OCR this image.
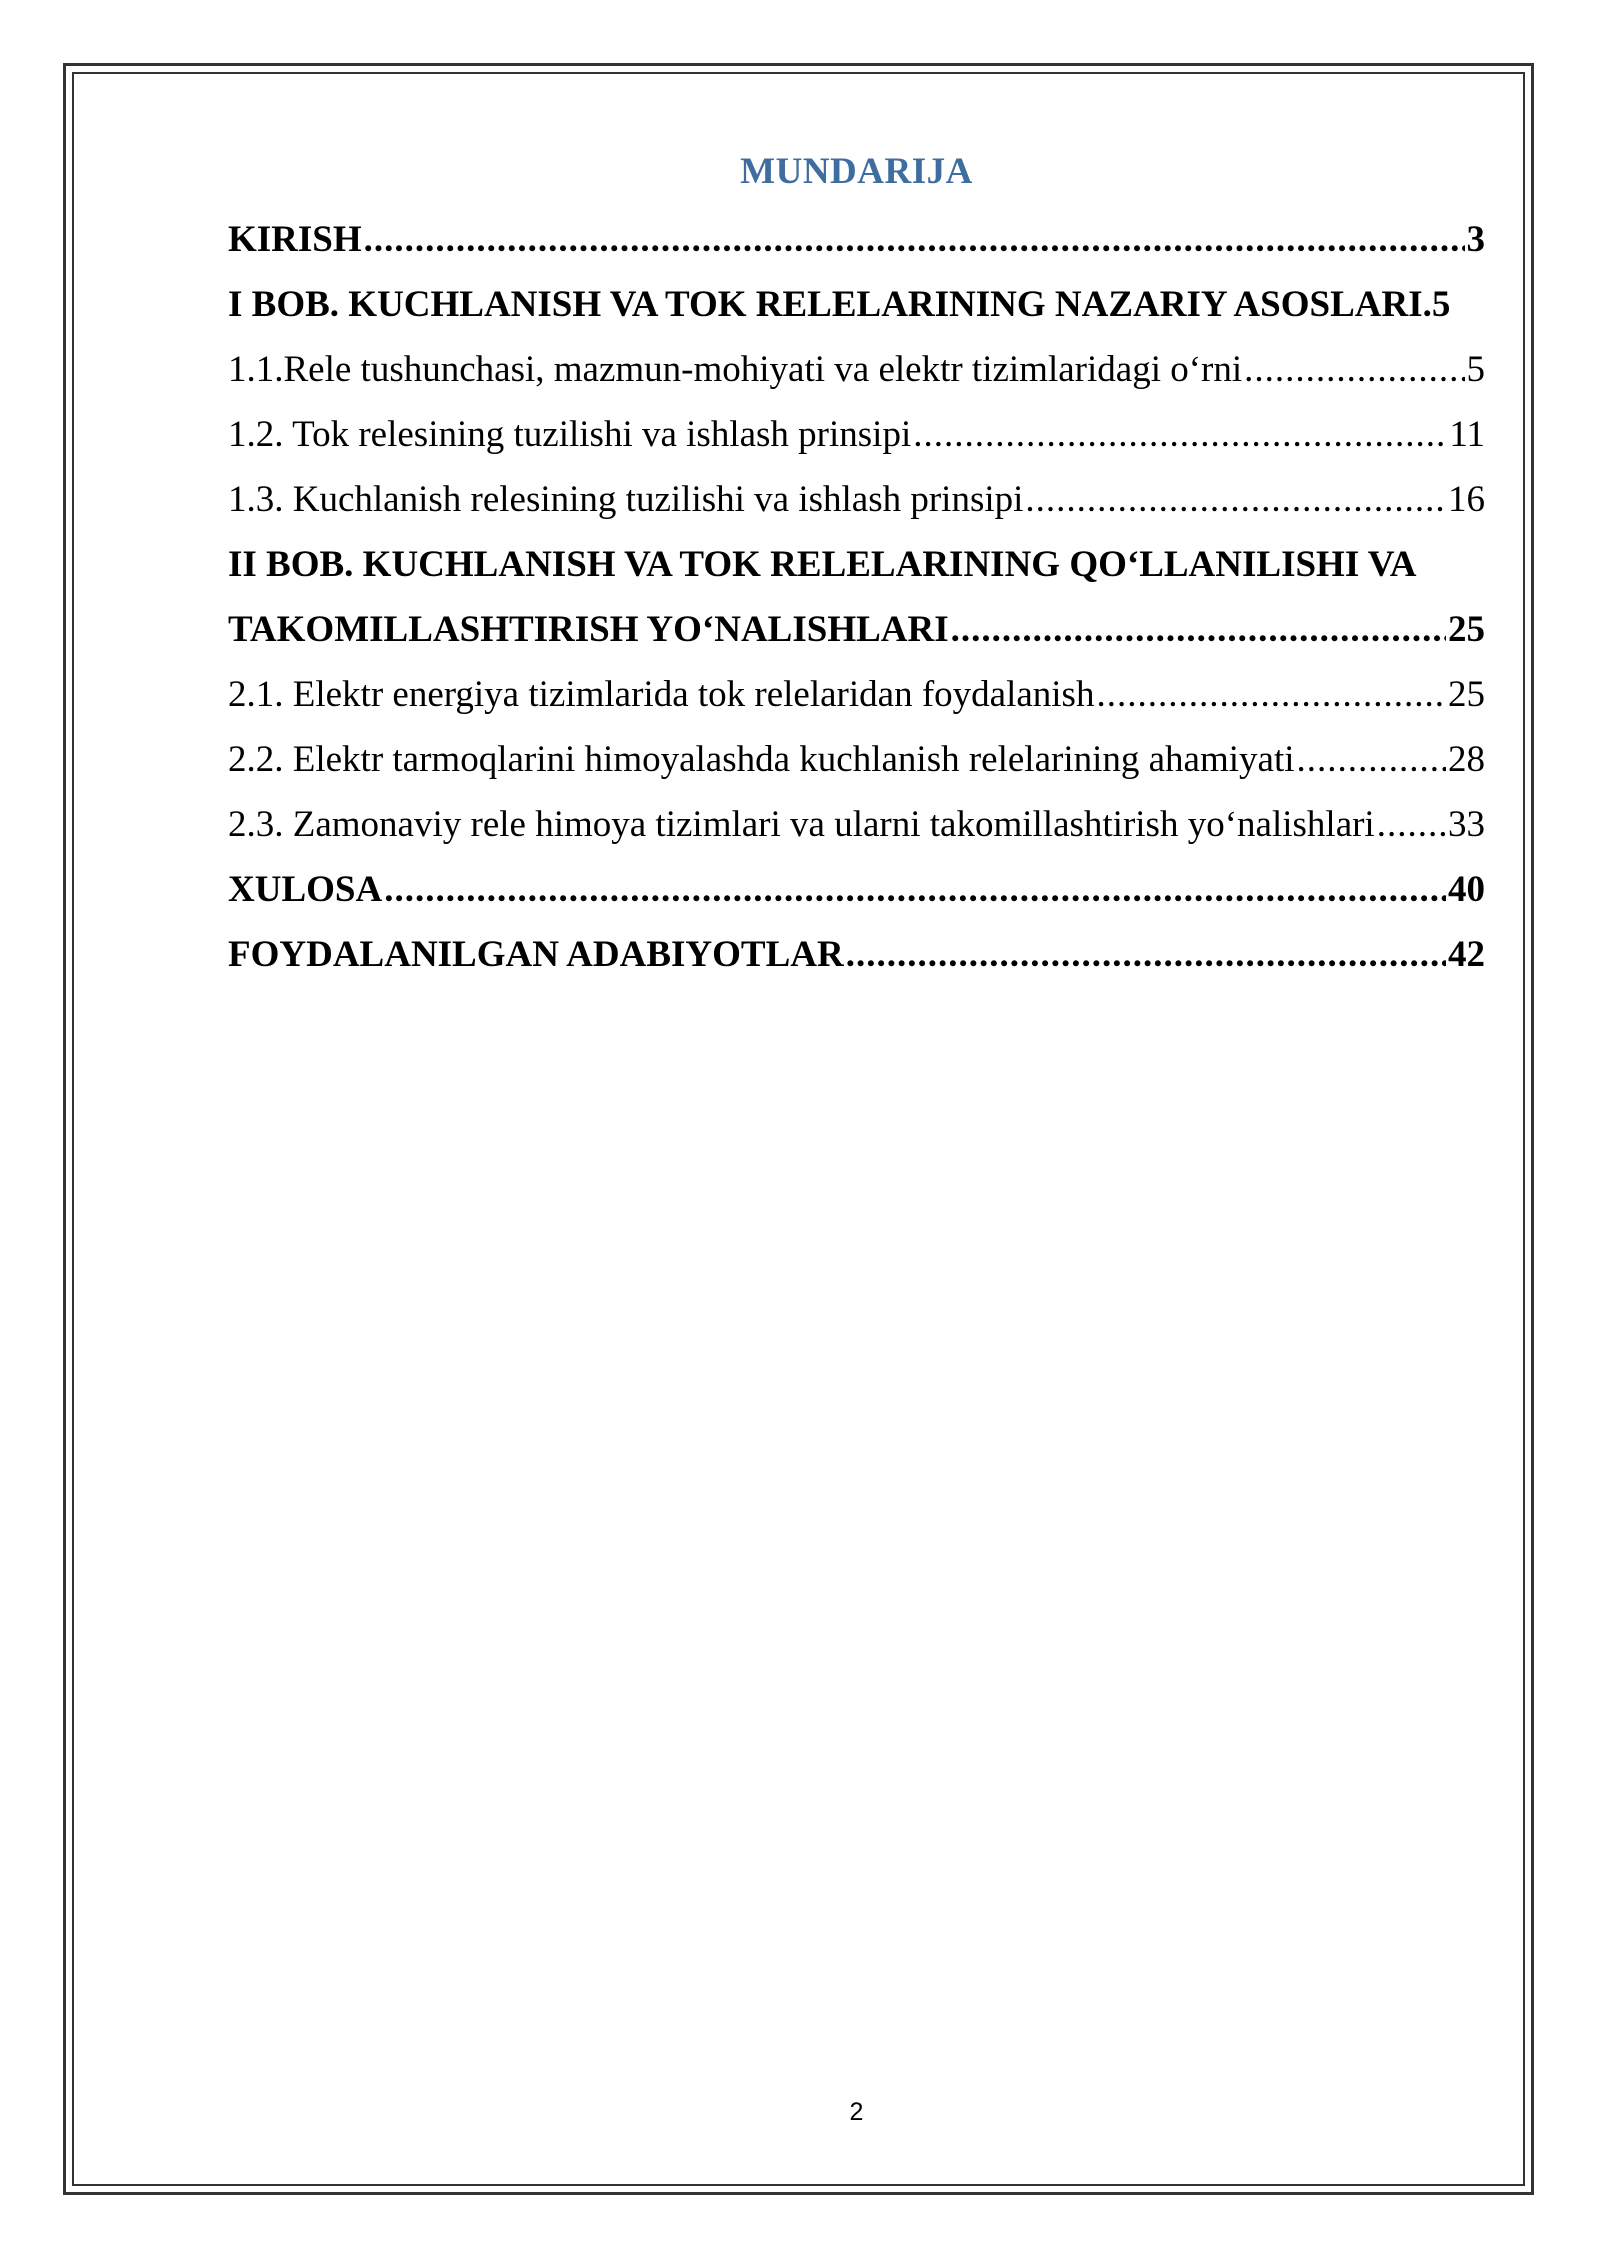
MUNDARIJA
KIRISH .....	3
I BOB. KUCHLANISH VA TOK RELELARINING NAZARIY ASOSLARI. 5
1.1.Rele tushunchasi, mazmun-mohiyati va elektr tizimlaridagi o‘rni .....	5
1.2. Tok relesining tuzilishi va ishlash prinsipi .....	11
1.3. Kuchlanish relesining tuzilishi va ishlash prinsipi .....	16
II BOB. KUCHLANISH VA TOK RELELARINING QO‘LLANILISHI VA
TAKOMILLASHTIRISH YO‘NALISHLARI .....	25
2.1. Elektr energiya tizimlarida tok relelaridan foydalanish .....	25
2.2. Elektr tarmoqlarini himoyalashda kuchlanish relelarining ahamiyati .....	28
2.3. Zamonaviy rele himoya tizimlari va ularni takomillashtirish yo‘nalishlari ..... 33
XULOSA .....	40
FOYDALANILGAN ADABIYOTLAR .....	42
2
